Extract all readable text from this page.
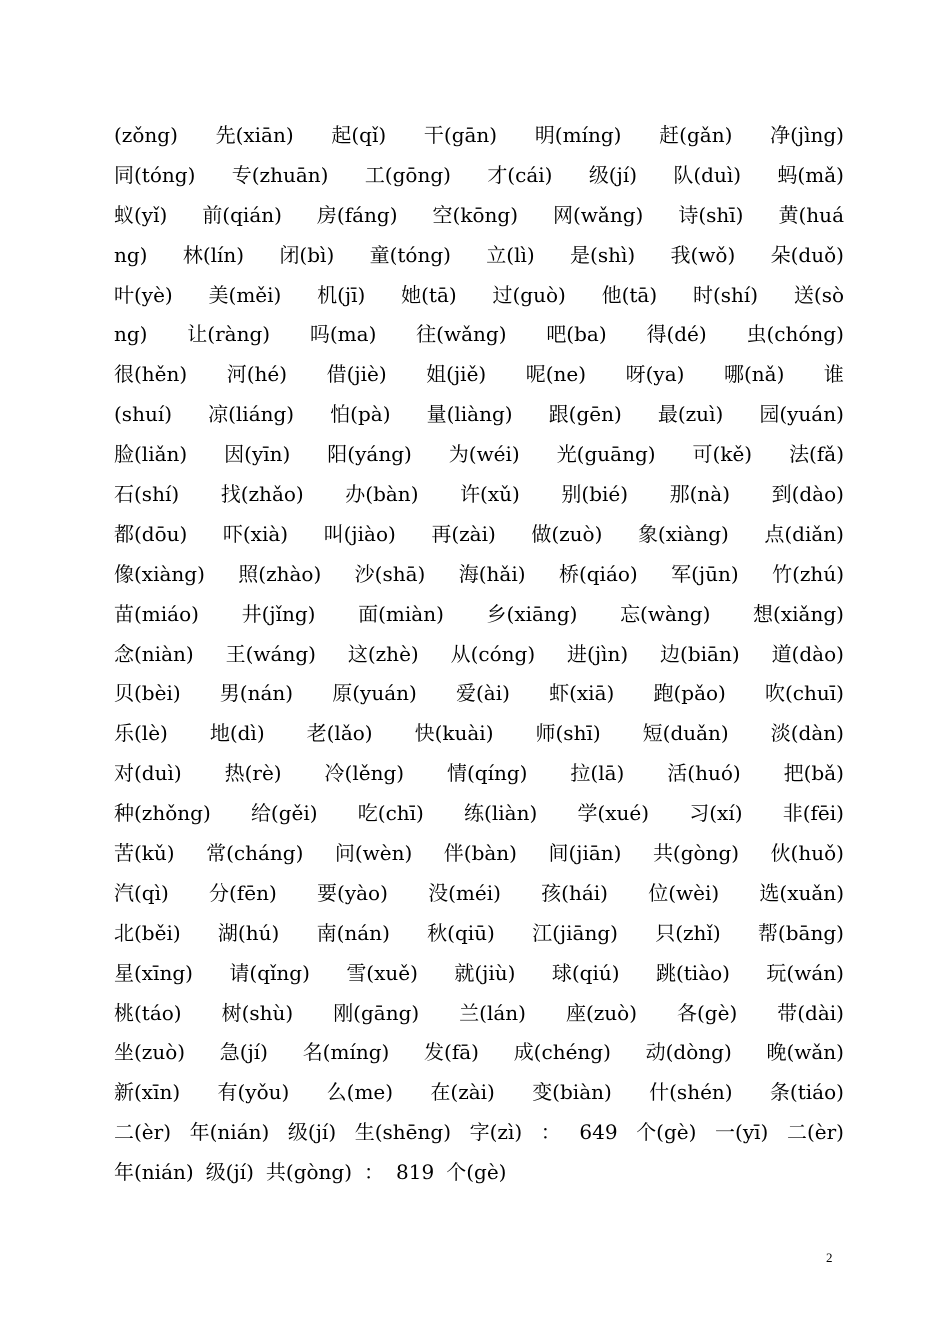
(zǒng) 先(xiān) 起(qǐ) 干(gān) 明(míng) 赶(gǎn) 净(jìng)
同(tóng) 专(zhuān) 工(gōng) 才(cái) 级(jí) 队(duì) 蚂(mǎ)
蚁(yǐ) 前(qián) 房(fáng) 空(kōng) 网(wǎng) 诗(shī) 黄(huá
ng) 林(lín) 闭(bì) 童(tóng) 立(lì) 是(shì) 我(wǒ) 朵(duǒ)
叶(yè) 美(měi) 机(jī) 她(tā) 过(guò) 他(tā) 时(shí) 送(sò
ng) 让(ràng) 吗(ma) 往(wǎng) 吧(ba) 得(dé) 虫(chóng)
很(hěn) 河(hé) 借(jiè) 姐(jiě) 呢(ne) 呀(ya) 哪(nǎ) 谁
(shuí) 凉(liáng) 怕(pà) 量(liàng) 跟(gēn) 最(zuì) 园(yuán)
脸(liǎn) 因(yīn) 阳(yáng) 为(wéi) 光(guāng) 可(kě) 法(fǎ)
石(shí) 找(zhǎo) 办(bàn) 许(xǔ) 别(bié) 那(nà) 到(dào)
都(dōu) 吓(xià) 叫(jiào) 再(zài) 做(zuò) 象(xiàng) 点(diǎn)
像(xiàng) 照(zhào) 沙(shā) 海(hǎi) 桥(qiáo) 军(jūn) 竹(zhú)
苗(miáo) 井(jǐng) 面(miàn) 乡(xiāng) 忘(wàng) 想(xiǎng)
念(niàn) 王(wáng) 这(zhè) 从(cóng) 进(jìn) 边(biān) 道(dào)
贝(bèi) 男(nán) 原(yuán) 爱(ài) 虾(xiā) 跑(pǎo) 吹(chuī)
乐(lè) 地(dì) 老(lǎo) 快(kuài) 师(shī) 短(duǎn) 淡(dàn)
对(duì) 热(rè) 冷(lěng) 情(qíng) 拉(lā) 活(huó) 把(bǎ)
种(zhǒng) 给(gěi) 吃(chī) 练(liàn) 学(xué) 习(xí) 非(fēi)
苦(kǔ) 常(cháng) 问(wèn) 伴(bàn) 间(jiān) 共(gòng) 伙(huǒ)
汽(qì) 分(fēn) 要(yào) 没(méi) 孩(hái) 位(wèi) 选(xuǎn)
北(běi) 湖(hú) 南(nán) 秋(qiū) 江(jiāng) 只(zhǐ) 帮(bāng)
星(xīng) 请(qǐng) 雪(xuě) 就(jiù) 球(qiú) 跳(tiào) 玩(wán)
桃(táo) 树(shù) 刚(gāng) 兰(lán) 座(zuò) 各(gè) 带(dài)
坐(zuò) 急(jí) 名(míng) 发(fā) 成(chéng) 动(dòng) 晚(wǎn)
新(xīn) 有(yǒu) 么(me) 在(zài) 变(biàn) 什(shén) 条(tiáo)
二(èr) 年(nián) 级(jí) 生(shēng) 字(zì) ： 649 个(gè) 一(yī) 二(èr)
年(nián) 级(jí) 共(gòng) ： 819 个(gè)
2
